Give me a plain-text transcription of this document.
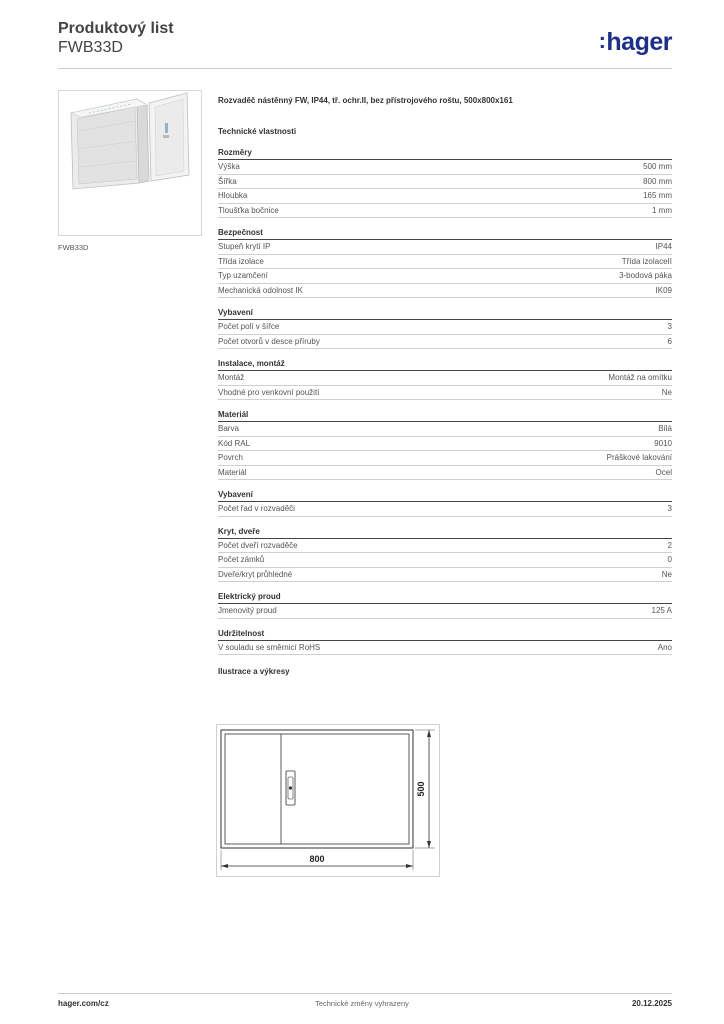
Produktový list
FWB33D	:hager
FWB33D
Rozvaděč nástěnný FW, IP44, tř. ochr.II, bez přístrojového roštu, 500x800x161
Technické vlastnosti
Rozměry
Výška	500 mm
Šířka	800 mm
Hloubka	165 mm
Tloušťka bočnice	1 mm
Bezpečnost
Stupeň krytí IP	IP44
Třída izolace	Třída izolaceII
Typ uzamčení	3-bodová páka
Mechanická odolnost IK	IK09
Vybavení
Počet polí v šířce	3
Počet otvorů v desce příruby	6
Instalace, montáž
Montáž	Montáž na omítku
Vhodné pro venkovní použití	Ne
Materiál
Barva	Bílá
Kód RAL	9010
Povrch	Práškové lakování
Materiál	Ocel
Vybavení
Počet řad v rozvaděči	3
Kryt, dveře
Počet dveří rozvaděče	2
Počet zámků	0
Dveře/kryt průhledné	Ne
Elektrický proud
Jmenovitý proud	125 A
Udržitelnost
V souladu se směrnicí RoHS	Ano
Ilustrace a výkresy
800
500
hager.com/cz	Technické změny vyhrazeny	20.12.2025
